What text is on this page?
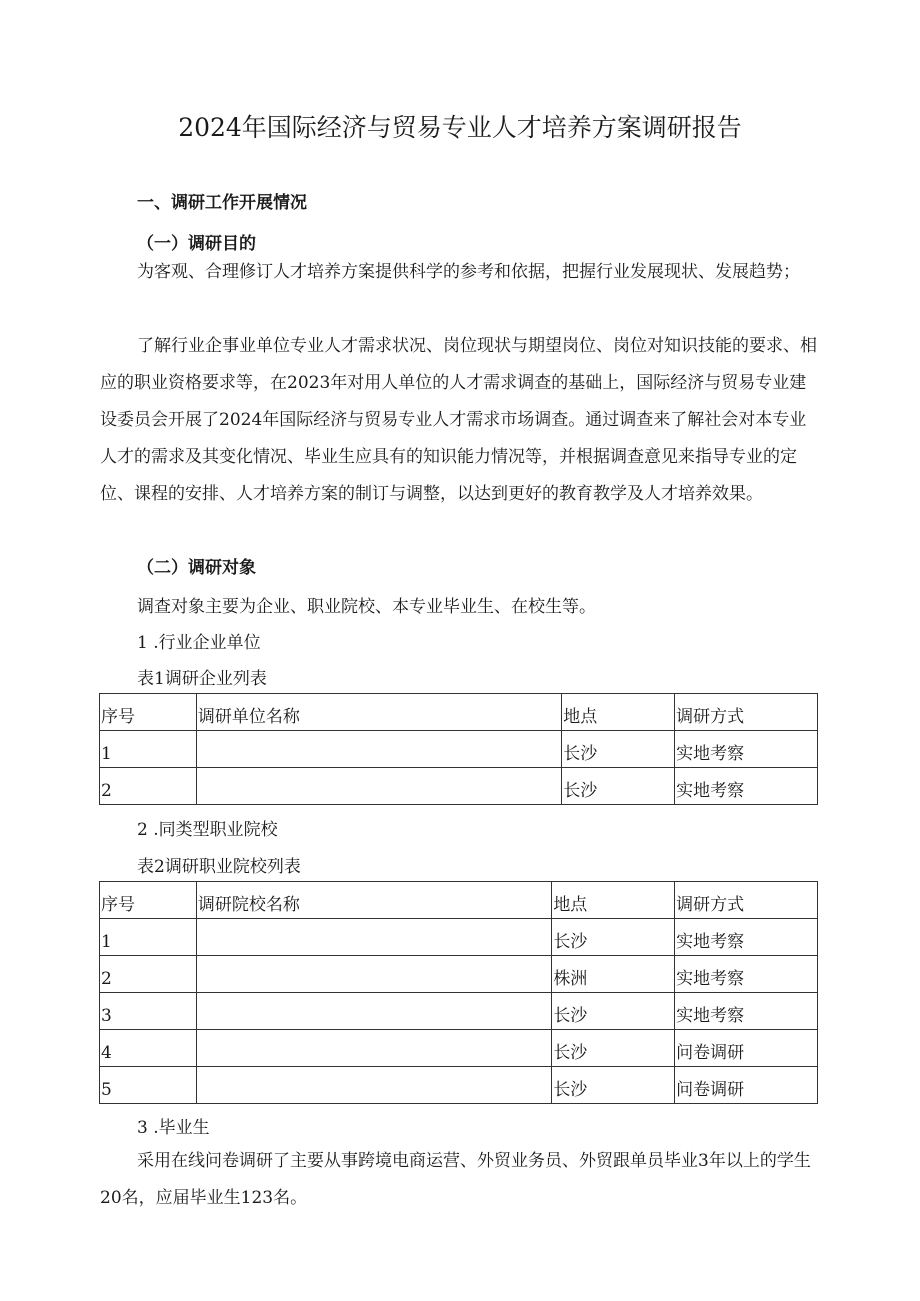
2024年国际经济与贸易专业人才培养方案调研报告
一、调研工作开展情况
（一）调研目的
为客观、合理修订人才培养方案提供科学的参考和依据，把握行业发展现状、发展趋势；
了解行业企事业单位专业人才需求状况、岗位现状与期望岗位、岗位对知识技能的要求、相应的职业资格要求等，在2023年对用人单位的人才需求调查的基础上，国际经济与贸易专业建设委员会开展了2024年国际经济与贸易专业人才需求市场调查。通过调查来了解社会对本专业人才的需求及其变化情况、毕业生应具有的知识能力情况等，并根据调查意见来指导专业的定位、课程的安排、人才培养方案的制订与调整，以达到更好的教育教学及人才培养效果。
（二）调研对象
调查对象主要为企业、职业院校、本专业毕业生、在校生等。
1 .行业企业单位
表1调研企业列表
序号	调研单位名称	地点	调研方式
1		长沙	实地考察
2		长沙	实地考察
2 .同类型职业院校
表2调研职业院校列表
序号	调研院校名称	地点	调研方式
1		长沙	实地考察
2		株洲	实地考察
3		长沙	实地考察
4		长沙	问卷调研
5		长沙	问卷调研
3 .毕业生
采用在线问卷调研了主要从事跨境电商运营、外贸业务员、外贸跟单员毕业3年以上的学生20名，应届毕业生123名。
